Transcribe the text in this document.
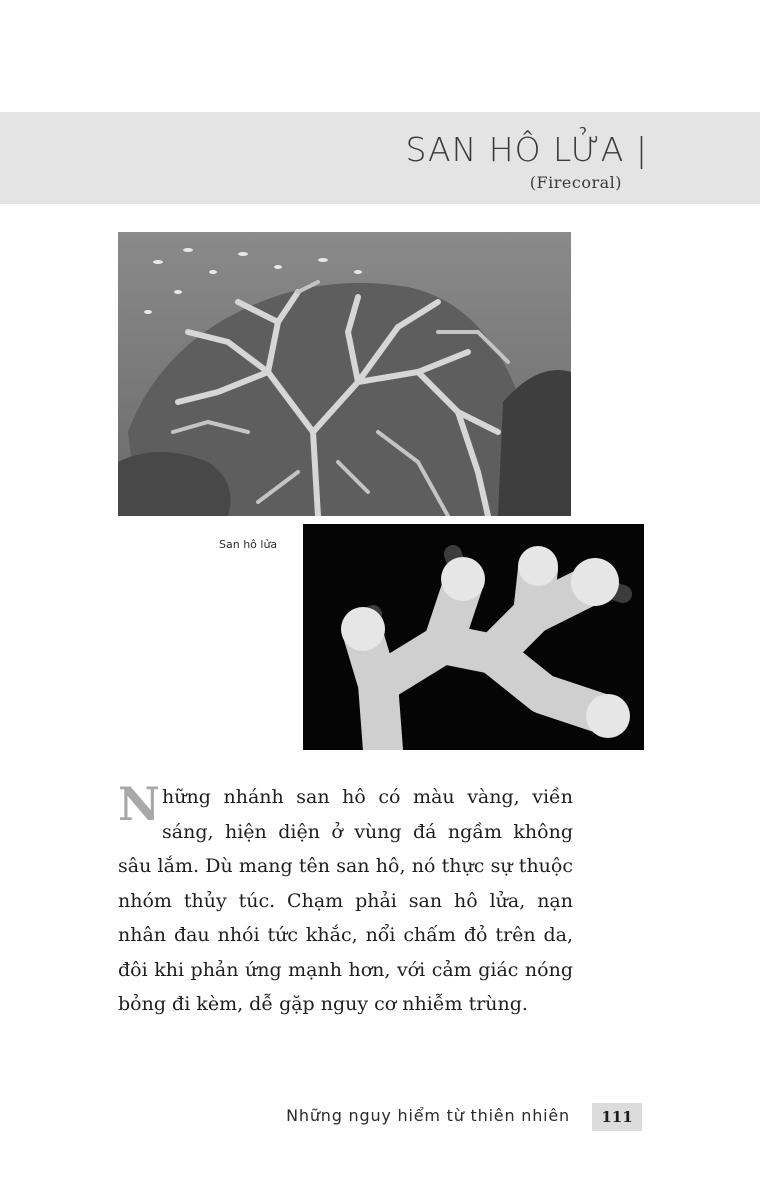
SAN HÔ LỬA |
(Firecoral)
San hô lửa

Những nhánh san hô có màu vàng, viền sáng, hiện diện ở vùng đá ngầm không sâu lắm. Dù mang tên san hô, nó thực sự thuộc nhóm thủy túc. Chạm phải san hô lửa, nạn nhân đau nhói tức khắc, nổi chấm đỏ trên da, đôi khi phản ứng mạnh hơn, với cảm giác nóng bỏng đi kèm, dễ gặp nguy cơ nhiễm trùng.

Những nguy hiểm từ thiên nhiên	111
